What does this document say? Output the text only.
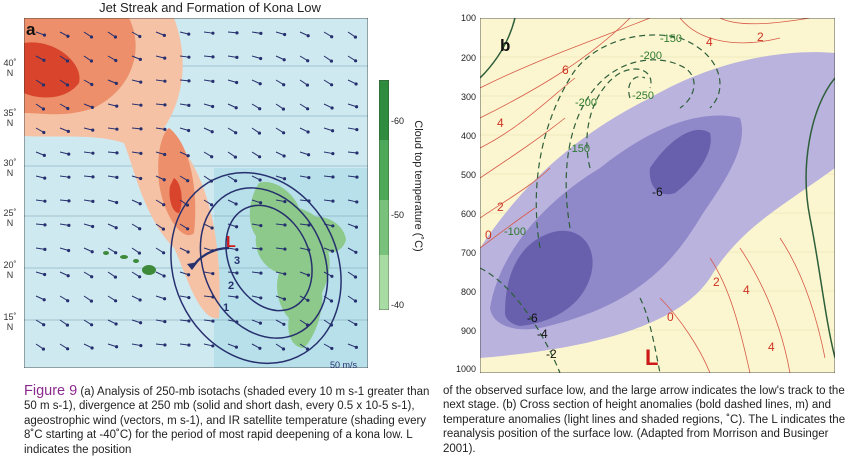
Jet Streak and Formation of Kona Low
a
40˚
N
35˚
N
30˚
N
25˚
N
20˚
N
15˚
N
L
3
2
1
50 m/s
-60
-50
-40
Cloud top temperature (˚C)
b
100
200
300
400
500
600
700
800
900
1000
-150
-200
-200
-250
-150
-100
4	2
6
4
2
0
2
4
0
4
-6
-6
-4
-2	L
Figure 9 (a) Analysis of 250-mb isotachs (shaded every 10 m s-1 greater than 50 m s-1), divergence at 250 mb (solid and short dash, every 0.5 x 10-5 s-1), ageostrophic wind (vectors, m s-1), and IR satellite temperature (shading every 8˚C starting at -40˚C) for the period of most rapid deepening of a kona low. L indicates the position
of the observed surface low, and the large arrow indicates the low's track to the next stage. (b) Cross section of height anomalies (bold dashed lines, m) and temperature anomalies (light lines and shaded regions, ˚C). The L indicates the reanalysis position of the surface low. (Adapted from Morrison and Businger 2001).
